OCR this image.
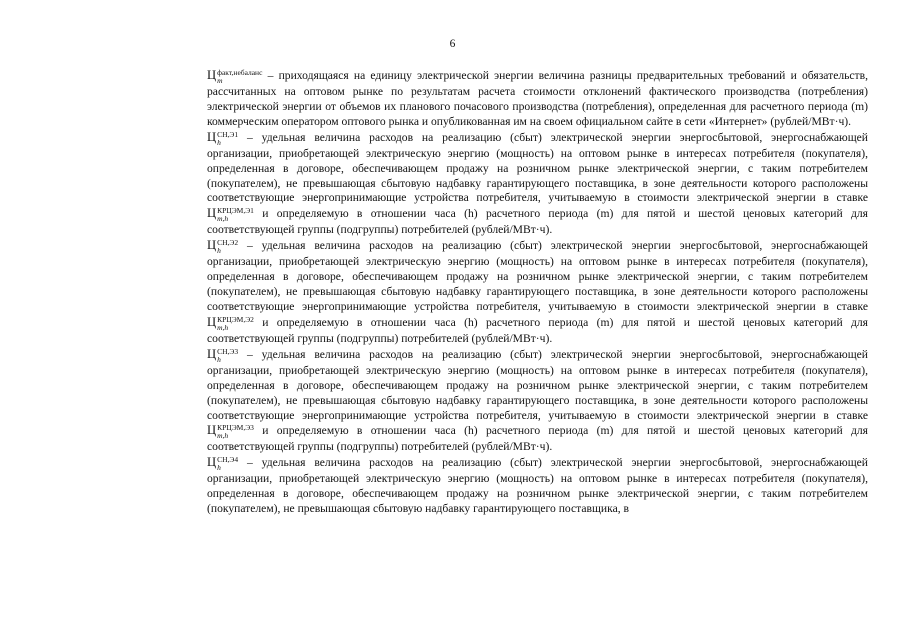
6

Ц факт,небаланс
m	– приходящаяся на единицу электрической энергии величина разницы предварительных требований и обязательств, рассчитанных на оптовом рынке по результатам расчета стоимости отклонений фактического производства (потребления) электрической энергии от объемов их планового почасового производства (потребления), определенная для расчетного периода (m) коммерческим оператором оптового рынка и опубликованная им на своем официальном сайте в сети «Интернет» (рублей/МВт·ч).

Ц СН,Э1
h	– удельная величина расходов на реализацию (сбыт) электрической энергии энергосбытовой, энергоснабжающей организации, приобретающей электрическую энергию (мощность) на оптовом рынке в интересах потребителя (покупателя), определенная в договоре, обеспечивающем продажу на розничном рынке электрической энергии, с таким потребителем (покупателем), не превышающая сбытовую надбавку гарантирующего поставщика, в зоне деятельности которого расположены соответствующие энергопринимающие устройства потребителя, учитываемую в стоимости электрической энергии в ставке Ц КРЦЭМ,Э1
m,h	и определяемую в отношении часа (h) расчетного периода (m) для пятой и шестой ценовых категорий для соответствующей группы (подгруппы) потребителей (рублей/МВт·ч).

Ц СН,Э2
h	– удельная величина расходов на реализацию (сбыт) электрической энергии энергосбытовой, энергоснабжающей организации, приобретающей электрическую энергию (мощность) на оптовом рынке в интересах потребителя (покупателя), определенная в договоре, обеспечивающем продажу на розничном рынке электрической энергии, с таким потребителем (покупателем), не превышающая сбытовую надбавку гарантирующего поставщика, в зоне деятельности которого расположены соответствующие энергопринимающие устройства потребителя, учитываемую в стоимости электрической энергии в ставке Ц КРЦЭМ,Э2
m,h	и определяемую в отношении часа (h) расчетного периода (m) для пятой и шестой ценовых категорий для соответствующей группы (подгруппы) потребителей (рублей/МВт·ч).

Ц СН,Э3
h	– удельная величина расходов на реализацию (сбыт) электрической энергии энергосбытовой, энергоснабжающей организации, приобретающей электрическую энергию (мощность) на оптовом рынке в интересах потребителя (покупателя), определенная в договоре, обеспечивающем продажу на розничном рынке электрической энергии, с таким потребителем (покупателем), не превышающая сбытовую надбавку гарантирующего поставщика, в зоне деятельности которого расположены соответствующие энергопринимающие устройства потребителя, учитываемую в стоимости электрической энергии в ставке Ц КРЦЭМ,Э3
m,h	и определяемую в отношении часа (h) расчетного периода (m) для пятой и шестой ценовых категорий для соответствующей группы (подгруппы) потребителей (рублей/МВт·ч).

Ц СН,Э4
h	– удельная величина расходов на реализацию (сбыт) электрической энергии энергосбытовой, энергоснабжающей организации, приобретающей электрическую энергию (мощность) на оптовом рынке в интересах потребителя (покупателя), определенная в договоре, обеспечивающем продажу на розничном рынке электрической энергии, с таким потребителем (покупателем), не превышающая сбытовую надбавку гарантирующего поставщика, в
